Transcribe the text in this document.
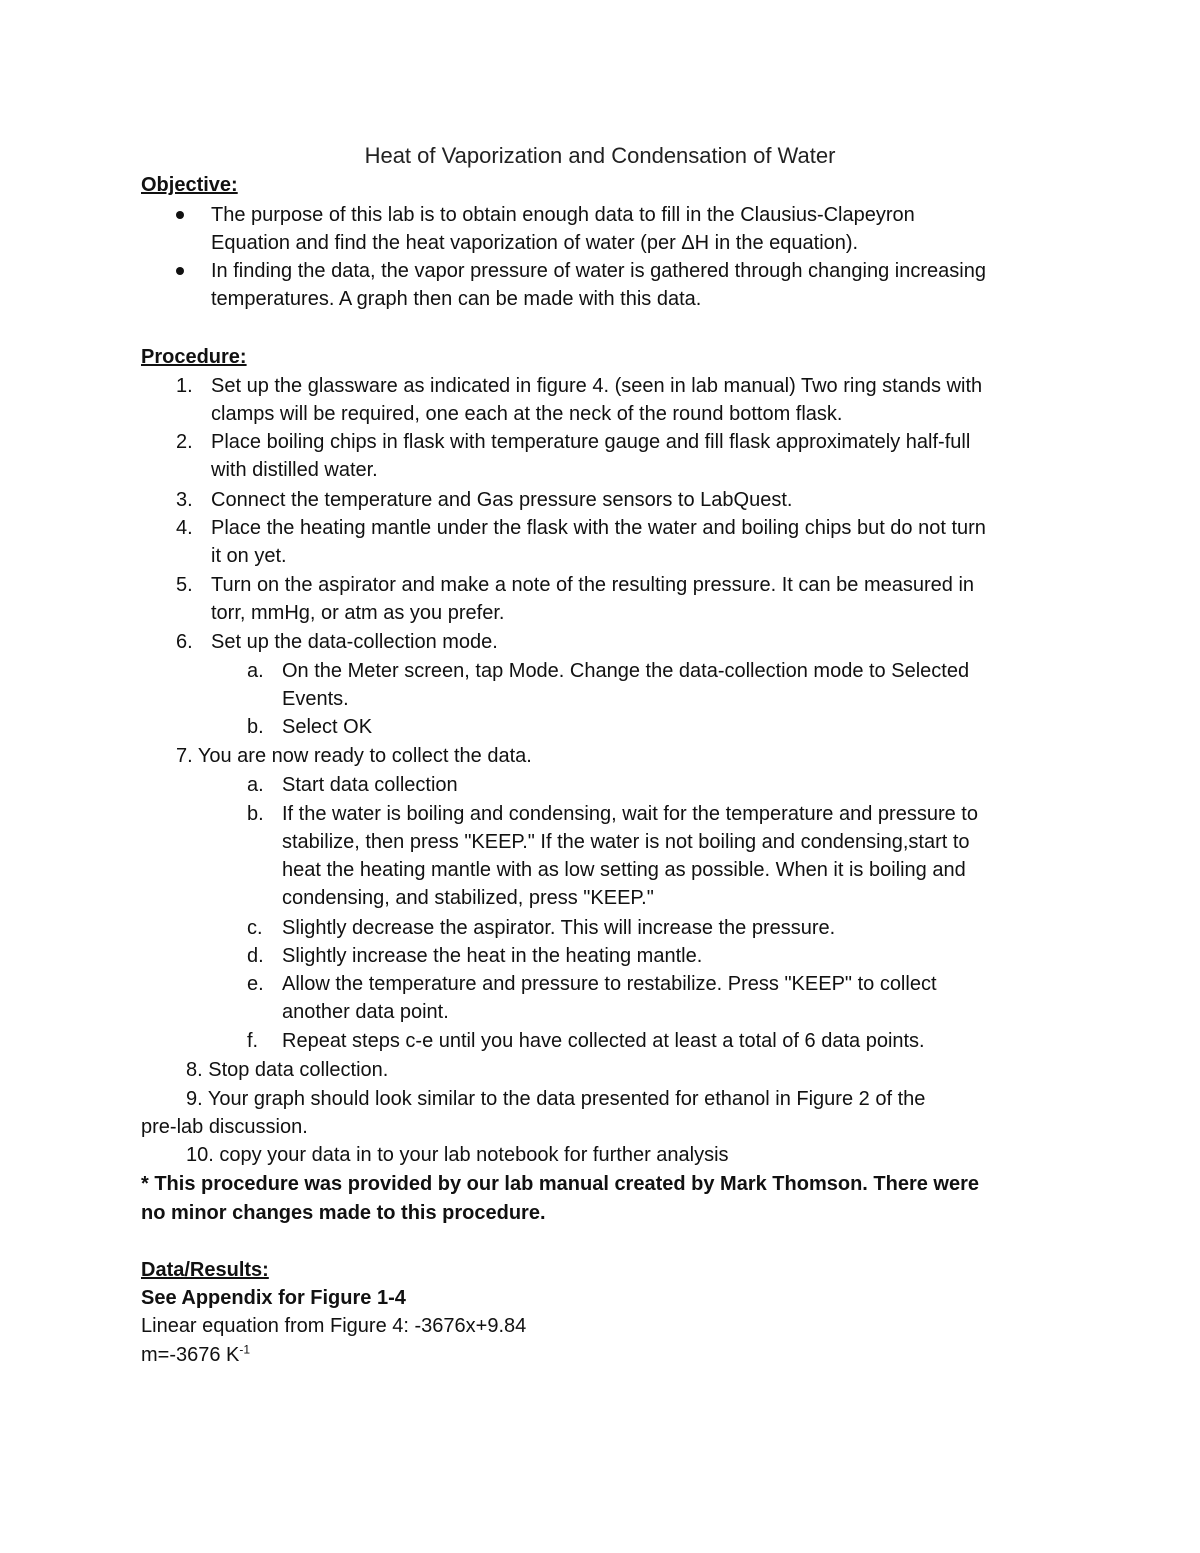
Heat of Vaporization and Condensation of Water
Objective:
The purpose of this lab is to obtain enough data to fill in the Clausius-Clapeyron
Equation and find the heat vaporization of water (per ΔH in the equation).
In finding the data, the vapor pressure of water is gathered through changing increasing
temperatures. A graph then can be made with this data.
Procedure:
1. Set up the glassware as indicated in figure 4. (seen in lab manual) Two ring stands with
clamps will be required, one each at the neck of the round bottom flask.
2. Place boiling chips in flask with temperature gauge and fill flask approximately half-full
with distilled water.
3. Connect the temperature and Gas pressure sensors to LabQuest.
4. Place the heating mantle under the flask with the water and boiling chips but do not turn
it on yet.
5. Turn on the aspirator and make a note of the resulting pressure. It can be measured in
torr, mmHg, or atm as you prefer.
6. Set up the data-collection mode.
a. On the Meter screen, tap Mode. Change the data-collection mode to Selected
Events.
b. Select OK
7. You are now ready to collect the data.
a. Start data collection
b. If the water is boiling and condensing, wait for the temperature and pressure to
stabilize, then press "KEEP." If the water is not boiling and condensing,start to
heat the heating mantle with as low setting as possible. When it is boiling and
condensing, and stabilized, press "KEEP."
c. Slightly decrease the aspirator. This will increase the pressure.
d. Slightly increase the heat in the heating mantle.
e. Allow the temperature and pressure to restabilize. Press "KEEP" to collect
another data point.
f. Repeat steps c-e until you have collected at least a total of 6 data points.
8. Stop data collection.
9. Your graph should look similar to the data presented for ethanol in Figure 2 of the
pre-lab discussion.
10. copy your data in to your lab notebook for further analysis
* This procedure was provided by our lab manual created by Mark Thomson. There were
no minor changes made to this procedure.
Data/Results:
See Appendix for Figure 1-4
Linear equation from Figure 4: -3676x+9.84
m=-3676 $K^{-1}$
